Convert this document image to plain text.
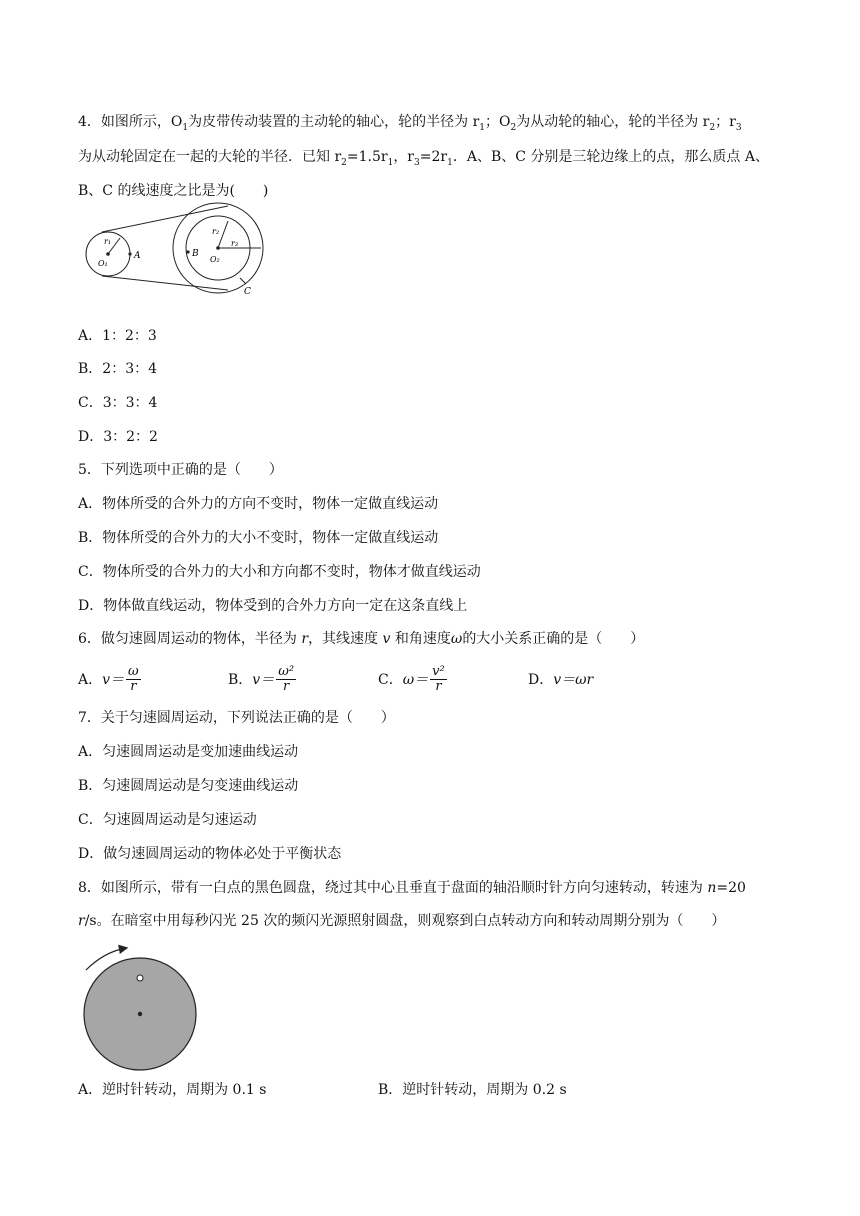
4．如图所示，$O_1$为皮带传动装置的主动轮的轴心，轮的半径为 $r_1$；$O_2$为从动轮的轴心，轮的半径为 $r_2$；$r_3$
为从动轮固定在一起的大轮的半径．已知 $r_2=1.5r_1$，$r_3=2r_1$．A、B、C 分别是三轮边缘上的点，那么质点 A、
B、C 的线速度之比是为(　　)
r₁
O₁
A
r₂
r₃
B
O₂
C
A．1：2：3
B．2：3：4
C．3：3：4
D．3：2：2
5．下列选项中正确的是（　　）
A．物体所受的合外力的方向不变时，物体一定做直线运动
B．物体所受的合外力的大小不变时，物体一定做直线运动
C．物体所受的合外力的大小和方向都不变时，物体才做直线运动
D．物体做直线运动，物体受到的合外力方向一定在这条直线上
6．做匀速圆周运动的物体，半径为 r，其线速度 v 和角速度ω的大小关系正确的是（　　）
A． $v= \frac{\omega}{r}$	B． $v= \frac{\text{ω²}}{r}$	C． $\omega= \frac{\text{v²}}{r}$	D． v＝ωr
7．关于匀速圆周运动，下列说法正确的是（　　）
A．匀速圆周运动是变加速曲线运动
B．匀速圆周运动是匀变速曲线运动
C．匀速圆周运动是匀速运动
D．做匀速圆周运动的物体必处于平衡状态
8．如图所示，带有一白点的黑色圆盘，绕过其中心且垂直于盘面的轴沿顺时针方向匀速转动，转速为 n=20
r/s。在暗室中用每秒闪光 25 次的频闪光源照射圆盘，则观察到白点转动方向和转动周期分别为（　　）
A．逆时针转动，周期为 0.1 s	B．逆时针转动，周期为 0.2 s
